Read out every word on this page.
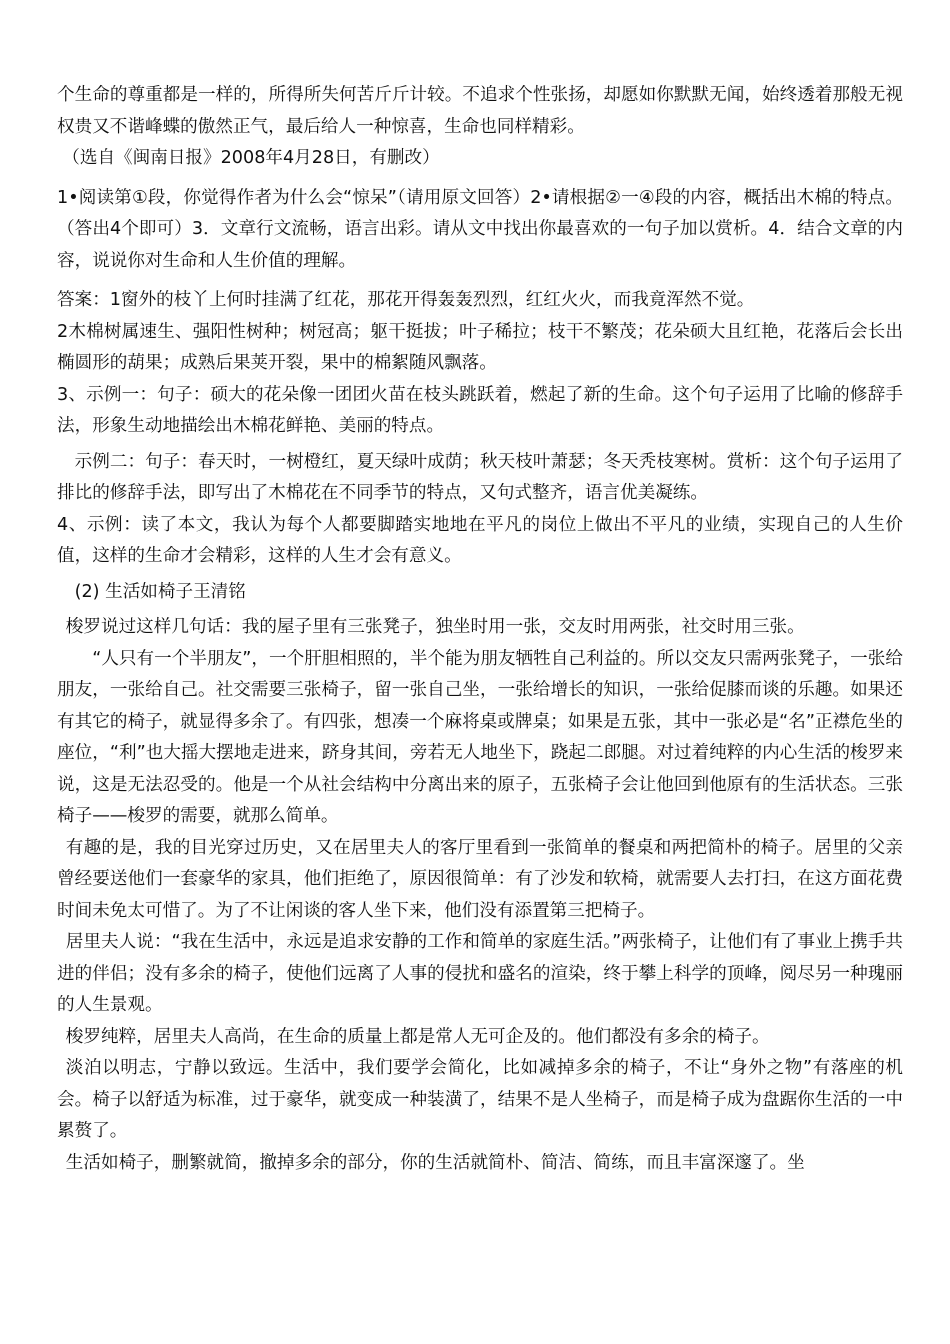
个生命的尊重都是一样的，所得所失何苦斤斤计较。不追求个性张扬，却愿如你默默无闻，始终透着那般无视权贵又不谐峰蝶的傲然正气，最后给人一种惊喜，生命也同样精彩。

（选自《闽南日报》2008年4月28日，有删改）

1•阅读第①段，你觉得作者为什么会“惊呆”（请用原文回答）2•请根据②一④段的内容，概括出木棉的特点。（答出4个即可）3．文章行文流畅，语言出彩。请从文中找出你最喜欢的一句子加以赏析。4．结合文章的内容，说说你对生命和人生价值的理解。

答案：1窗外的枝丫上何时挂满了红花，那花开得轰轰烈烈，红红火火，而我竟浑然不觉。

2木棉树属速生、强阳性树种；树冠高；躯干挺拔；叶子稀拉；枝干不繁茂；花朵硕大且红艳，花落后会长出椭圆形的葫果；成熟后果荚开裂，果中的棉絮随风飘落。

3、示例一：句子：硕大的花朵像一团团火苗在枝头跳跃着，燃起了新的生命。这个句子运用了比喻的修辞手法，形象生动地描绘出木棉花鲜艳、美丽的特点。

示例二：句子：春天时，一树橙红，夏天绿叶成荫；秋天枝叶萧瑟；冬天秃枝寒树。赏析：这个句子运用了排比的修辞手法，即写出了木棉花在不同季节的特点，又句式整齐，语言优美凝练。

4、示例：读了本文，我认为每个人都要脚踏实地地在平凡的岗位上做出不平凡的业绩，实现自己的人生价值，这样的生命才会精彩，这样的人生才会有意义。

(2) 生活如椅子王清铭

梭罗说过这样几句话：我的屋子里有三张凳子，独坐时用一张，交友时用两张，社交时用三张。

“人只有一个半朋友”，一个肝胆相照的，半个能为朋友牺牲自己利益的。所以交友只需两张凳子，一张给朋友，一张给自己。社交需要三张椅子，留一张自己坐，一张给增长的知识，一张给促膝而谈的乐趣。如果还有其它的椅子，就显得多余了。有四张，想凑一个麻将桌或牌桌；如果是五张，其中一张必是“名”正襟危坐的座位，“利”也大摇大摆地走进来，跻身其间，旁若无人地坐下，跷起二郎腿。对过着纯粹的内心生活的梭罗来说，这是无法忍受的。他是一个从社会结构中分离出来的原子，五张椅子会让他回到他原有的生活状态。三张椅子——梭罗的需要，就那么简单。

有趣的是，我的目光穿过历史，又在居里夫人的客厅里看到一张简单的餐桌和两把简朴的椅子。居里的父亲曾经要送他们一套豪华的家具，他们拒绝了，原因很简单：有了沙发和软椅，就需要人去打扫，在这方面花费时间未免太可惜了。为了不让闲谈的客人坐下来，他们没有添置第三把椅子。

居里夫人说：“我在生活中，永远是追求安静的工作和简单的家庭生活。”两张椅子，让他们有了事业上携手共进的伴侣；没有多余的椅子，使他们远离了人事的侵扰和盛名的渲染，终于攀上科学的顶峰，阅尽另一种瑰丽的人生景观。

梭罗纯粹，居里夫人高尚，在生命的质量上都是常人无可企及的。他们都没有多余的椅子。

淡泊以明志，宁静以致远。生活中，我们要学会简化，比如减掉多余的椅子，不让“身外之物”有落座的机会。椅子以舒适为标准，过于豪华，就变成一种装潢了，结果不是人坐椅子，而是椅子成为盘踞你生活的一中累赘了。

生活如椅子，删繁就简，撤掉多余的部分，你的生活就简朴、简洁、简练，而且丰富深邃了。坐
